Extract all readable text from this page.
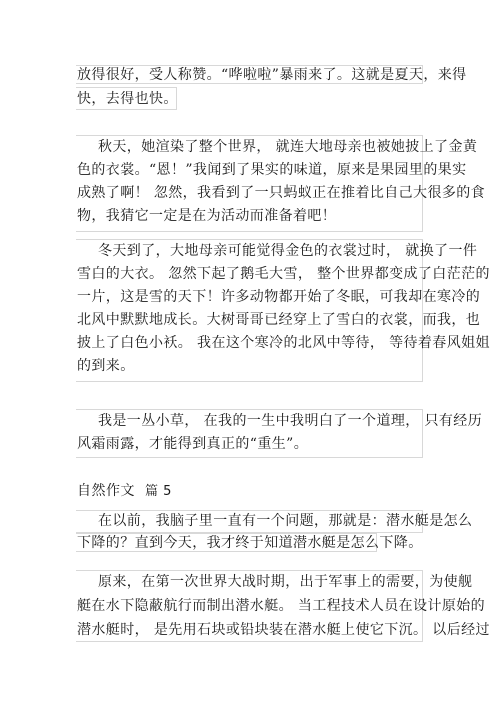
放得很好，受人称赞。“哗啦啦”暴雨来了。这就是夏天，来得
快，去得也快。
秋天，她渲染了整个世界， 就连大地母亲也被她披上了金黄
色的衣裳。“恩！”我闻到了果实的味道，原来是果园里的果实
成熟了啊！ 忽然，我看到了一只蚂蚁正在推着比自己大很多的食
物，我猜它一定是在为活动而准备着吧！
冬天到了，大地母亲可能觉得金色的衣裳过时， 就换了一件
雪白的大衣。 忽然下起了鹅毛大雪， 整个世界都变成了白茫茫的
一片，这是雪的天下！许多动物都开始了冬眠，可我却在寒冷的
北风中默默地成长。大树哥哥已经穿上了雪白的衣裳，而我，也
披上了白色小袄。 我在这个寒冷的北风中等待， 等待着春风姐姐
的到来。
我是一丛小草， 在我的一生中我明白了一个道理， 只有经历
风霜雨露，才能得到真正的“重生”。
自然作文 篇 5
在以前，我脑子里一直有一个问题，那就是：潜水艇是怎么
下降的？直到今天，我才终于知道潜水艇是怎么下降。
原来，在第一次世界大战时期，出于军事上的需要，为使舰
艇在水下隐蔽航行而制出潜水艇。 当工程技术人员在设计原始的
潜水艇时， 是先用石块或铅块装在潜水艇上使它下沉。 以后经过
